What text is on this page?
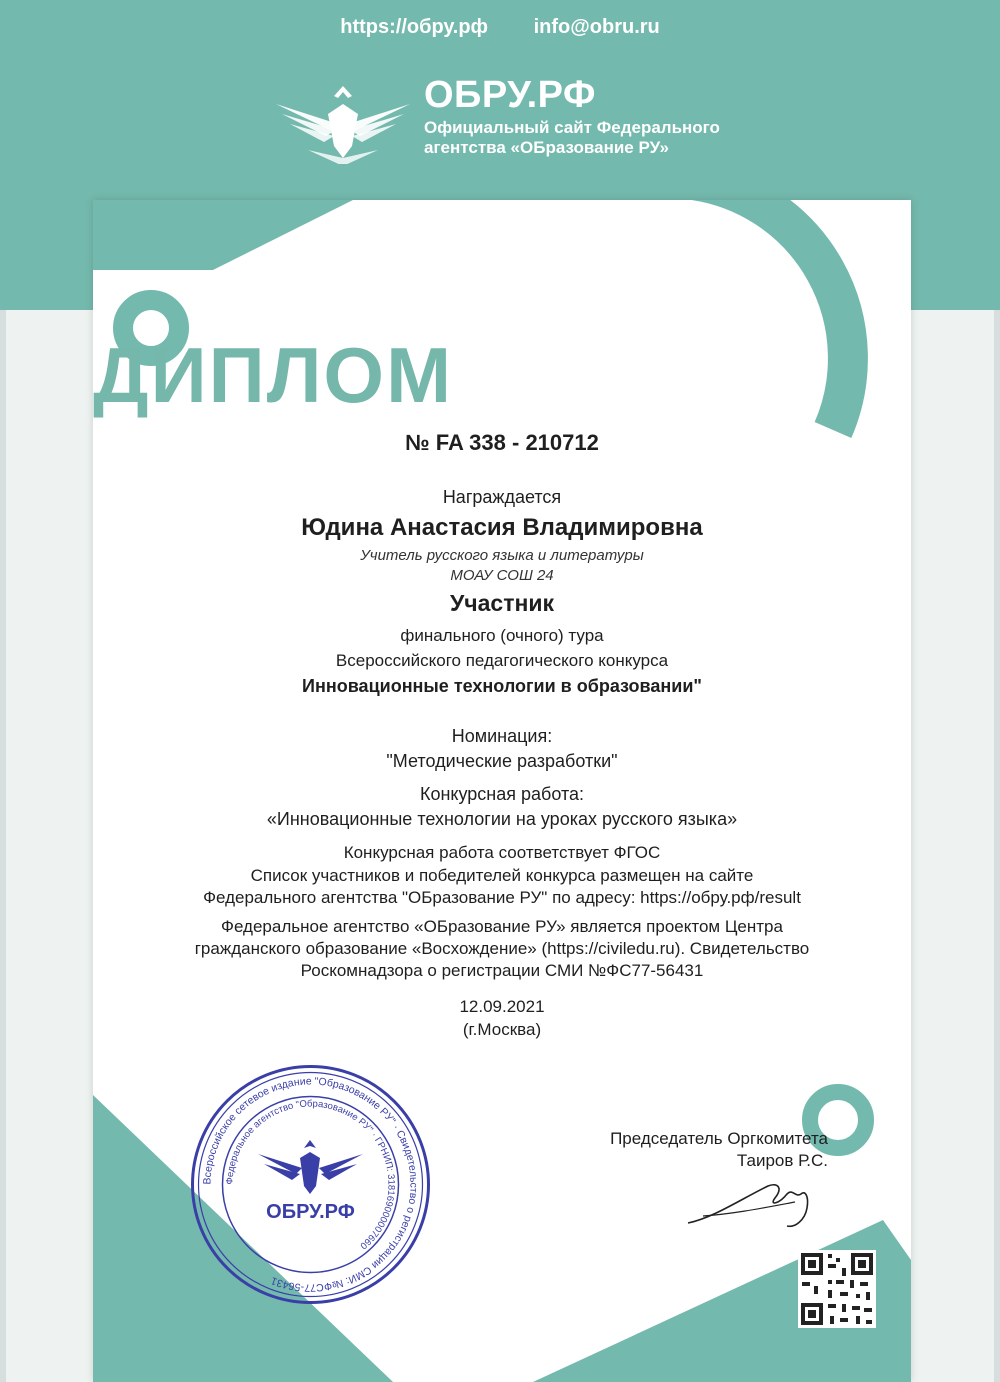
https://обру.рф info@obru.ru
ОБРУ.РФ
Официальный сайт Федерального
агентства «ОБразование РУ»
ДИПЛОМ
№ FA 338 - 210712
Награждается
Юдина Анастасия Владимировна
Учитель русского языка и литературы
МОАУ СОШ 24
Участник
финального (очного) тура
Всероссийского педагогического конкурса
Инновационные технологии в образовании"
Номинация:
"Методические разработки"
Конкурсная работа:
«Инновационные технологии на уроках русского языка»
Конкурсная работа соответствует ФГОС
Список участников и победителей конкурса размещен на сайте
Федерального агентства "ОБразование РУ" по адресу: https://обру.рф/result
Федеральное агентство «ОБразование РУ» является проектом Центра
гражданского образование «Восхождение» (https://civiledu.ru). Свидетельство
Роскомнадзора о регистрации СМИ №ФС77-56431
12.09.2021
(г.Москва)
Председатель Оргкомитета
Таиров Р.С.
Всероссийское сетевое издание "Образование РУ" · Свидетельство о регистрации СМИ: №ФС77-56431
Федеральное агентство "Образование РУ" · ГРНИП: 318169000007660
ОБРУ.РФ
